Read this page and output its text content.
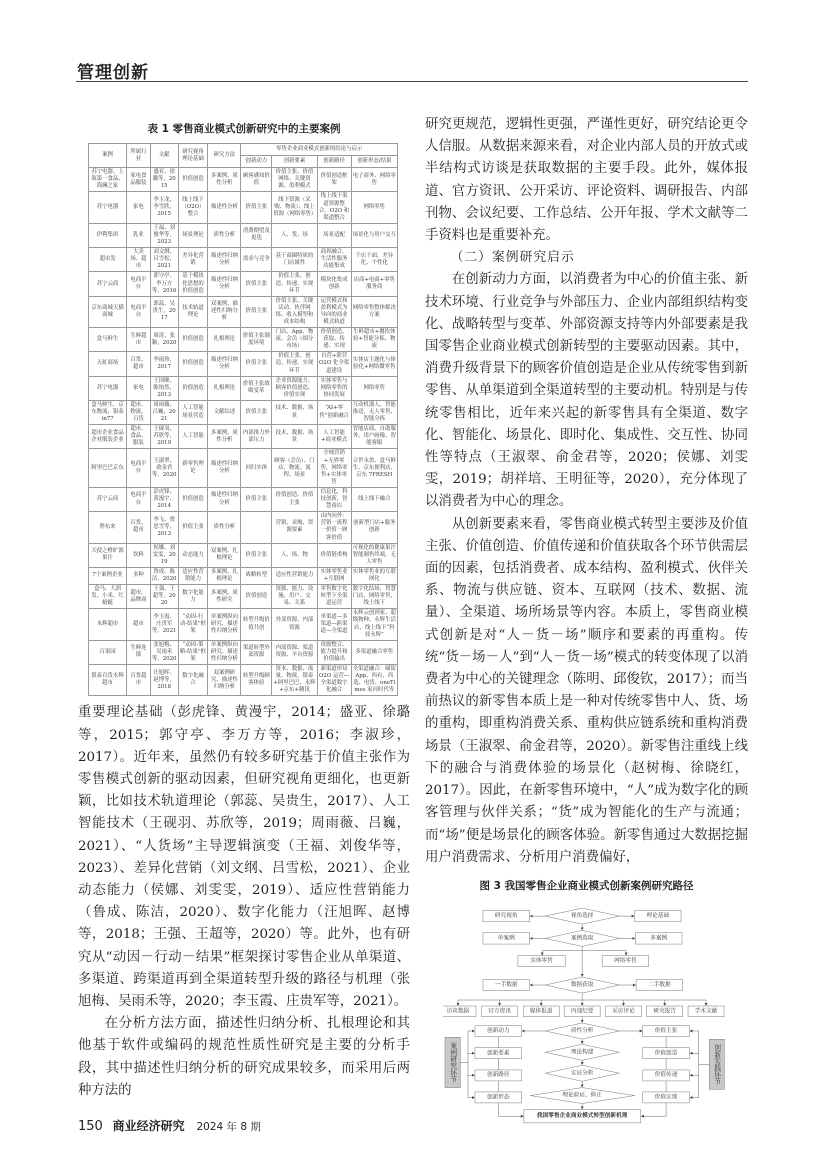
管理创新
表 1 零售商业模式创新研究中的主要案例
案例	所属行业	文献	研究视角理论基础	研究方法	零售企业商业模式创新的结论与启示			
					创新动力	创新要素	创新路径	创新形态/结果
苏宁电器、上海第一食品、海澜之家	家电食品服装	盛亚、徐璐等，2015	价值创造	多案例、质性分析	顾客感知价值	价值主张、价值网络、关键资源、盈利模式	价值创造框架	电子商务、网络零售
苏宁电器	家电	李玉龙、李雪欣，2015	线上线下（O2O）整合	描述性分析	价值主张	线下资源（采购、物流）、线上资源（网络零售）	线上线下渠道资源整合，O2O 和渠道整合	网络零售
伊利集团	乳业	王福、刘俊华等，2023	场景理论	质性分析	消费期望及更迭	人、货、场	场景适配	场景化与用户交互
超市发	大卖场、超市	刘文纲、吕雪松，2021	差异化营销	描述性归纳分析	需求与竞争	基于商圈特质的门店属性	商界融合，生活性服务功能集成	千店千面，差异化、个性化
苏宁云商	电商平台	郭守亭、李万方等，2016	基于模块化思想的价值创造	描述性归纳分析	价值主张	价值主张、创造、传递、实现环节	模块化集成创新	店商+电商+零售服务商
京东商城天猫商城	电商平台	郭蕊、吴贵生，2017	技术轨道理论	双案例、描述性归纳分析	价值主张	价值主张、关键活动、伙伴网络、收入模型和成本结构	运营模式和盈利模式为导向的商业模式轨道	网络零售整体解决方案
盒马鲜生	生鲜超市	周涛、张颖，2020	价值创造	扎根理论	价值主张制度环境	门店、App、物流、会员（细分市场）	价值创造、获取、传递、实现	生鲜超市+餐饮体验+智能分拣、物流
天虹商场	百货、超市	李雨珍，2017	价值创造	描述性归纳分析	价值主张	价值主张、创造、传递、实现环节	自营+联营 O2O 化全渠道建设	实体店主题化与体验化+网络微零售
苏宁电器	家电	王国顺、陈怡然，2013	价值创造	扎根理论	价值主张战略变革	企业资源能力、顾客价值创造、价值实现	实体零售与网络零售的协同发展	网络零售
盒马鲜生、京东物流、银泰 in77	超市、物流、百货	周雨薇、吕巍，2021	人工智能场景营造	文献综述	价值主张	技术、数据、场景	“AI+零售”创新融合	互动机器人、智能推送、无人零售、智能分拣
超市企业食品企业服装企业	超市、食品、服装	王砚羽、苏欣等，2019	人工智能	多案例、质性分析	内部推力外部压力	技术、数据、场景	人工智能+商业模式	智能店面、自助服务、用户画像、智能客服
阿里巴巴京东	电商平台	王淑翠、俞金君等，2020	新零售理论	描述性归纳分析	回归实体	顾客（会员）、门店、物流、流程、场景	全域营销+无界零售，网络零售+实体零售	合世永盈、盒马鲜生、京东便利店、京东 7FRESH
苏宁云商	电商平台	彭虎锋、黄漫宇，2014	价值创造	描述性归纳分析	价值主张	价值创造、价值主张	信息化，科技创新，智慧商店	线上线下融合
胖东来	百货、超市	李飞、贾思雪等，2013	价值主张	质性分析		营销、采购、资源要素	由内向外：营销一流程一价值一顾客价值	创新型门店+服务创新
天使之橙旷源果汁	饮料	侯娜、刘雯雯，2019	动态能力	双案例、扎根理论	价值主张	人、场、物	价值链重构	可视化的健康果汁智能制售终端，无人零售
7个案例企业	多种	鲁成、陈洁，2020	适应性营销能力	多案例、扎根理论	战略转型	适应性营销能力	实体零售业+互联网	实体零售业的互联网化
盒马、大润发、小米、红蜻蜓	超市、品牌商	王强、王超等，2020	数字化能力	多案例、质性研究	价值创造	资源、能力、设施、用户、交易、关系	零售数字化转型下全渠道运营	数字化结场，智慧门店，网络零售，线上线下
永辉超市	超市	李玉霞、庄贵军等，2021	“动因-行动-结果”框架	单案例纵向研究、描述性归纳分析	转型升级价值共创	外部资源、内部资源	单渠道—多渠道—跨渠道—全渠道	永辉云创到家、超级物种、永辉生活店，线上线下“科技永辉”
百果园	生鲜连锁	张旭梅、吴雨禾等，2020	“动因-策略-结果”框架	单案例纵向研究、描述性归纳分析	渠道转型外部资源	内部资源、渠道资源、平台资源	资源整合、能力提升和价值输出	多渠道融合零售
银泰百货永辉超市	百货超市	汪旭晖、赵博等，2018	数字化融合	双案例研究、描述性归纳分析	转型升级顾客体验	资本、数据、流量、物流，银泰+阿里巴巴、永辉+京东+腾讯	新渠道形局 O2O 运营—全渠道数字化融合	全渠道融合：喵街 App、西有、西选、电货、oneTimes 家河时代等

重要理论基础（彭虎锋、黄漫宇，2014；盛亚、徐璐等，2015；郭守亭、李万方等，2016；李淑珍，2017）。近年来，虽然仍有较多研究基于价值主张作为零售模式创新的驱动因素，但研究视角更细化，也更新颖，比如技术轨道理论（郭蕊、吴贵生，2017）、人工智能技术（王砚羽、苏欣等，2019；周雨薇、吕巍，2021）、“人货场”主导逻辑演变（王福、刘俊华等，2023）、差异化营销（刘文纲、吕雪松，2021）、企业动态能力（侯娜、刘雯雯，2019）、适应性营销能力（鲁成、陈洁，2020）、数字化能力（汪旭晖、赵博等，2018；王强、王超等，2020）等。此外，也有研究从“动因－行动－结果”框架探讨零售企业从单渠道、多渠道、跨渠道再到全渠道转型升级的路径与机理（张旭梅、吴雨禾等，2020；李玉霞、庄贵军等，2021）。

在分析方法方面，描述性归纳分析、扎根理论和其他基于软件或编码的规范性质性研究是主要的分析手段，其中描述性归纳分析的研究成果较多，而采用后两种方法的

150 商业经济研究 2024 年 8 期

研究更规范，逻辑性更强，严谨性更好，研究结论更令人信服。从数据来源来看，对企业内部人员的开放式或半结构式访谈是获取数据的主要手段。此外，媒体报道、官方资讯、公开采访、评论资料、调研报告、内部刊物、会议纪要、工作总结、公开年报、学术文献等二手资料也是重要补充。

（二）案例研究启示

在创新动力方面，以消费者为中心的价值主张、新技术环境、行业竞争与外部压力、企业内部组织结构变化、战略转型与变革、外部资源支持等内外部要素是我国零售企业商业模式创新转型的主要驱动因素。其中，消费升级背景下的顾客价值创造是企业从传统零售到新零售、从单渠道到全渠道转型的主要动机。特别是与传统零售相比，近年来兴起的新零售具有全渠道、数字化、智能化、场景化、即时化、集成性、交互性、协同性等特点（王淑翠、俞金君等，2020；侯娜、刘雯雯，2019；胡祥培、王明征等，2020），充分体现了以消费者为中心的理念。

从创新要素来看，零售商业模式转型主要涉及价值主张、价值创造、价值传递和价值获取各个环节供需层面的因素，包括消费者、成本结构、盈利模式、伙伴关系、物流与供应链、资本、互联网（技术、数据、流量）、全渠道、场所场景等内容。本质上，零售商业模式创新是对“人－货－场”顺序和要素的再重构。传统“货－场－人”到“人－货－场”模式的转变体现了以消费者为中心的关键理念（陈明、邱俊钦，2017）；而当前热议的新零售本质上是一种对传统零售中人、货、场的重构，即重构消费关系、重构供应链系统和重构消费场景（王淑翠、俞金君等，2020）。新零售注重线上线下的融合与消费体验的场景化（赵树梅、徐晓红，2017）。因此，在新零售环境中，“人”成为数字化的顾客管理与伙伴关系；“货”成为智能化的生产与流通；而“场”便是场景化的顾客体验。新零售通过大数据挖掘用户消费需求、分析用户消费偏好，

图 3 我国零售企业商业模式创新案例研究路径
研究视角	视角选择	理论基础
单案例	案例选取	多案例
实体零售	网络零售
一手数据	数据获取	二手数据
访谈数据 官方资讯 媒体报道 内部纪要 采访评论 研究报告 学术文献
质性分析
理论构建
实证分析
理论验证、修正
创新动力
创新要素
创新路径
创新形态
价值主张
价值创造
价值传递
价值实现
案例研究环节	创新实践环节
我国零售企业商业模式转型创新机理
